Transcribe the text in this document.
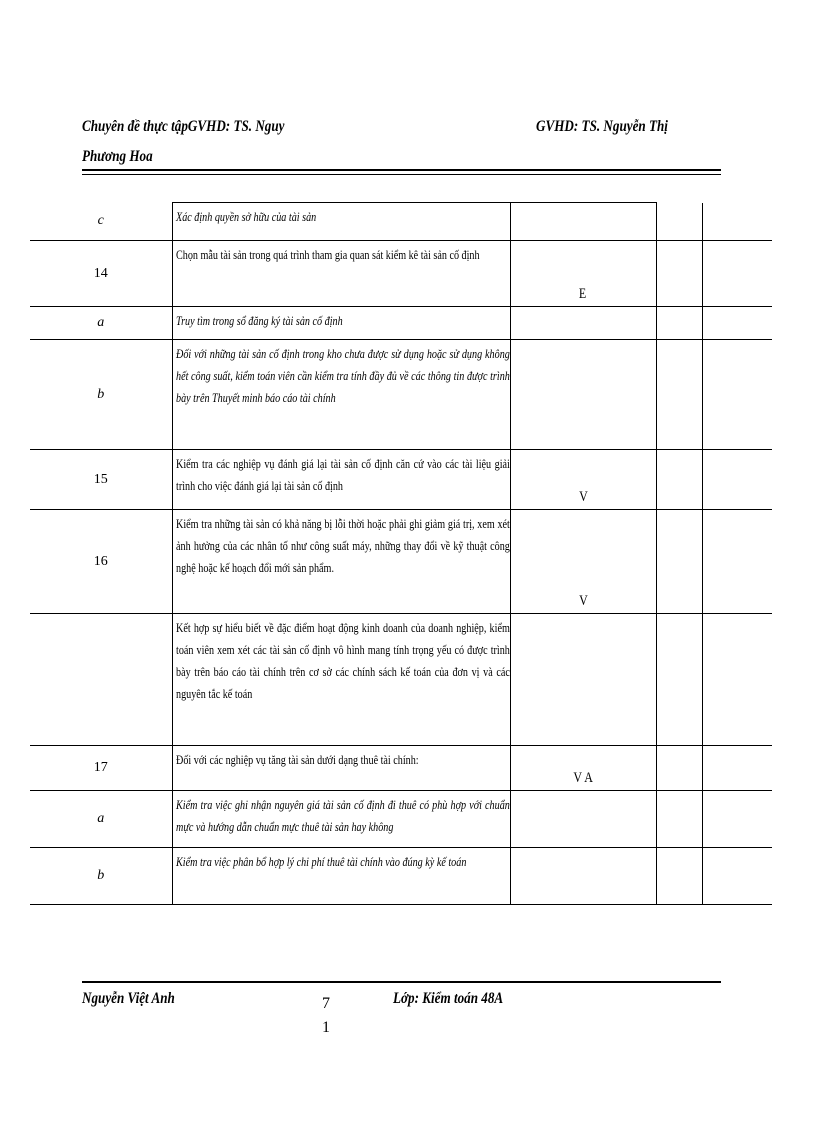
Chuyên đề thực tậpGVHD: TS. Nguy
Phương Hoa
GVHD: TS. Nguyễn Thị
c	Xác định quyền sở hữu của tài sản			

14	Chọn mẫu tài sản trong quá trình tham gia quan sát kiểm kê tài sản cố định	E		
a	Truy tìm trong sổ đăng ký tài sản cố định			

b	Đối với những tài sản cố định trong kho chưa được sử dụng hoặc sử dụng không hết công suất, kiểm toán viên cần kiểm tra tính đầy đủ về các thông tin được trình bày trên Thuyết minh báo cáo tài chính			

15	Kiểm tra các nghiệp vụ đánh giá lại tài sản cố định căn cứ vào các tài liệu giải trình cho việc đánh giá lại tài sản cố định	V		
16	Kiểm tra những tài sản có khả năng bị lỗi thời hoặc phải ghi giảm giá trị, xem xét ảnh hưởng của các nhân tố như công suất máy, những thay đổi về kỹ thuật công nghệ hoặc kế hoạch đổi mới sản phẩm.	V		

	Kết hợp sự hiểu biết về đặc điểm hoạt động kinh doanh của doanh nghiệp, kiểm toán viên xem xét các tài sản cố định vô hình mang tính trọng yếu có được trình bày trên báo cáo tài chính trên cơ sở các chính sách kế toán của đơn vị và các nguyên tắc kế toán			

17	Đối với các nghiệp vụ tăng tài sản dưới dạng thuê tài chính:	V A		
a	Kiểm tra việc ghi nhận nguyên giá tài sản cố định đi thuê có phù hợp với chuẩn mực và hướng dẫn chuẩn mực thuê tài sản hay không			

b	Kiểm tra việc phân bổ hợp lý chi phí thuê tài chính vào đúng kỳ kế toán			

Nguyễn Việt Anh	7
1
Lớp: Kiểm toán 48A
